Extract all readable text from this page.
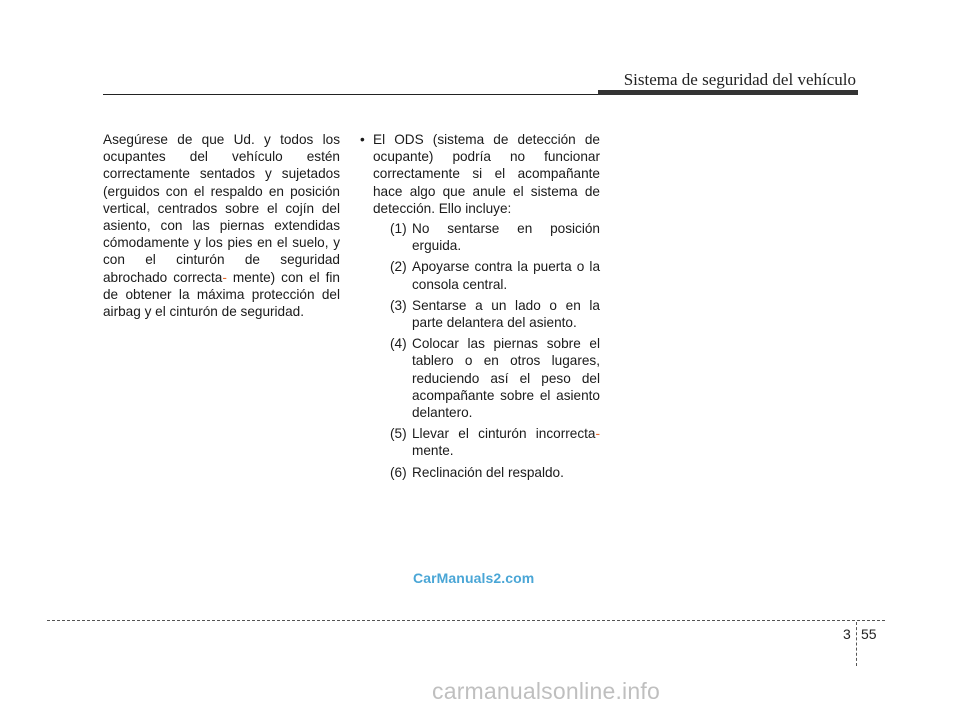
Sistema de seguridad del vehículo

Asegúrese de que Ud. y todos los ocupantes del vehículo estén correctamente sentados y sujetados (erguidos con el respaldo en posición vertical, centrados sobre el cojín del asiento, con las piernas extendidas cómodamente y los pies en el suelo, y con el cinturón de seguridad abrochado correcta- mente) con el fin de obtener la máxima protección del airbag y el cinturón de seguridad.

• El ODS (sistema de detección de ocupante) podría no funcionar correctamente si el acompañante hace algo que anule el sistema de detección. Ello incluye:

(1) No sentarse en posición erguida.

(2) Apoyarse contra la puerta o la consola central.

(3) Sentarse a un lado o en la parte delantera del asiento.

(4) Colocar las piernas sobre el tablero o en otros lugares, reduciendo así el peso del acompañante sobre el asiento delantero.

(5) Llevar el cinturón incorrecta- mente.

(6) Reclinación del respaldo.

CarManuals2.com
3 55
carmanualsonline.info
